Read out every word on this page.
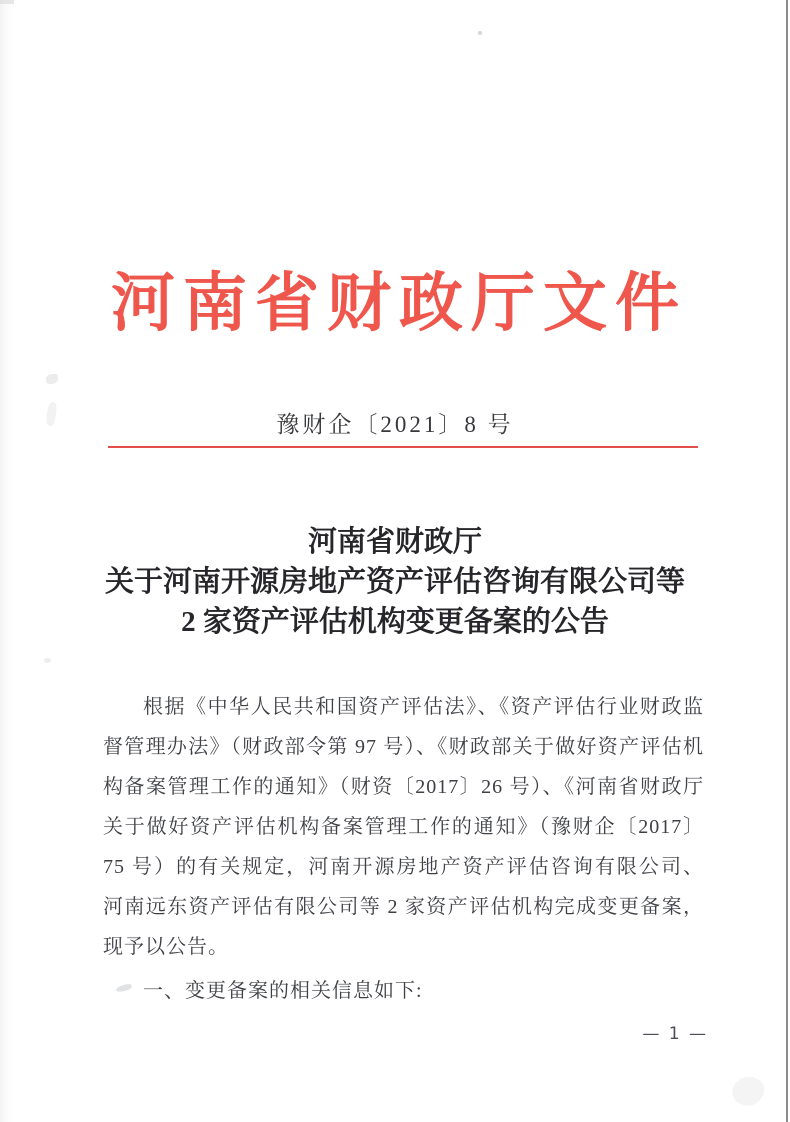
河南省财政厅文件
豫财企〔2021〕8 号
河南省财政厅
关于河南开源房地产资产评估咨询有限公司等
2 家资产评估机构变更备案的公告

根据《中华人民共和国资产评估法》、《资产评估行业财政监

督管理办法》（财政部令第 97 号）、《财政部关于做好资产评估机

构备案管理工作的通知》（财资〔2017〕26 号）、《河南省财政厅

关于做好资产评估机构备案管理工作的通知》（豫财企〔2017〕

75 号）的有关规定，河南开源房地产资产评估咨询有限公司、

河南远东资产评估有限公司等 2 家资产评估机构完成变更备案，

现予以公告。

一、变更备案的相关信息如下:

— 1 —
